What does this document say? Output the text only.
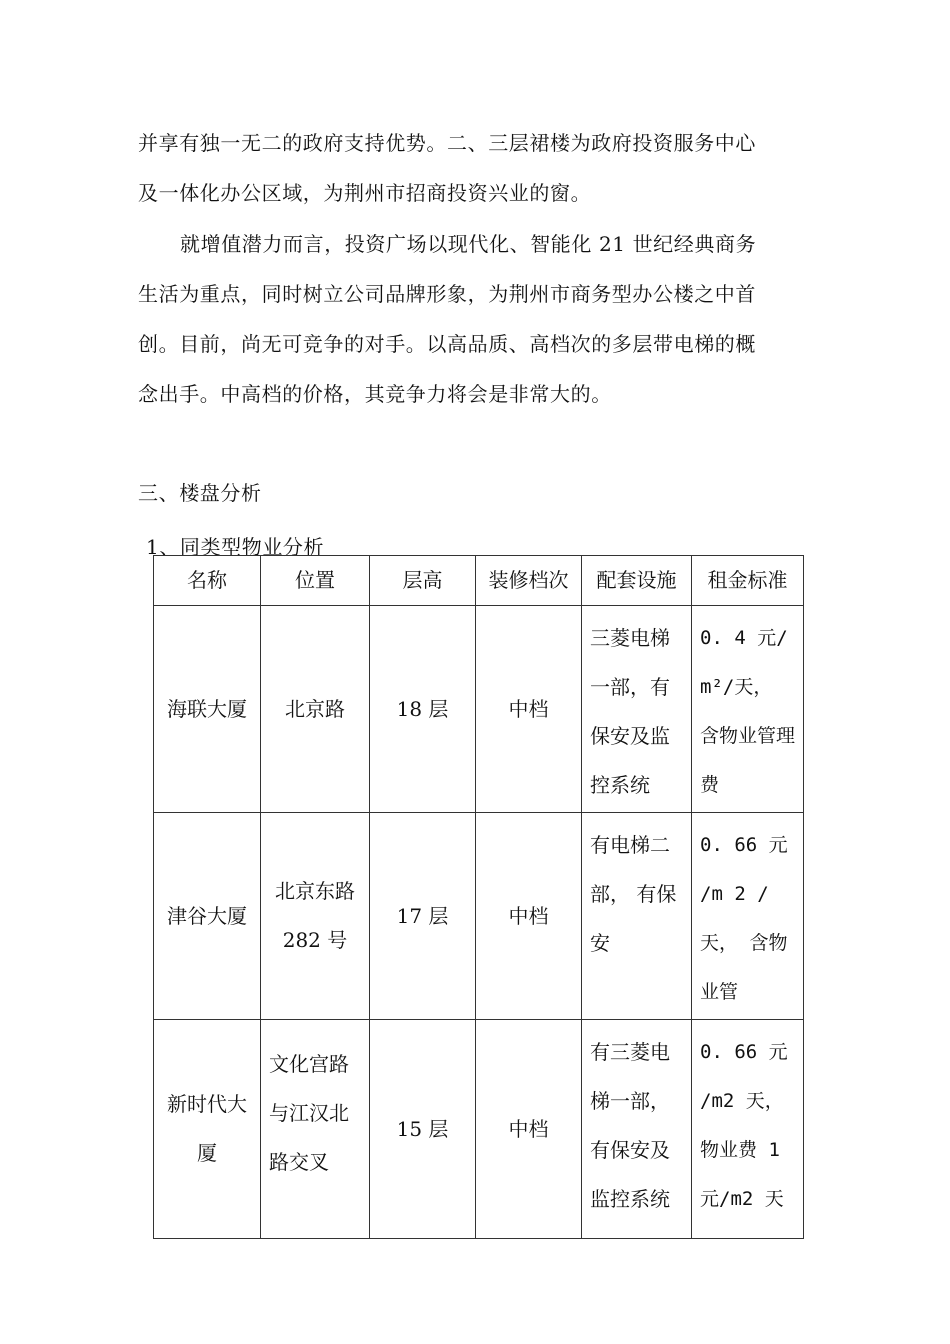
并享有独一无二的政府支持优势。二、三层裙楼为政府投资服务中心
及一体化办公区域，为荆州市招商投资兴业的窗。
就增值潜力而言，投资广场以现代化、智能化 21 世纪经典商务
生活为重点，同时树立公司品牌形象，为荆州市商务型办公楼之中首
创。目前，尚无可竞争的对手。以高品质、高档次的多层带电梯的概
念出手。中高档的价格，其竞争力将会是非常大的。
三、楼盘分析
1、同类型物业分析
名称	位置	层高	装修档次	配套设施	租金标准
海联大厦	北京路	18 层	中档	三菱电梯一部，有保安及监控系统	0. 4 元/m²/天， 含物业管理费
津谷大厦	北京东路 282 号	17 层	中档	有电梯二部， 有保安	0. 66 元 /m 2 /天， 含物业管
新时代大厦	文化宫路与江汉北路交叉	15 层	中档	有三菱电梯一部， 有保安及监控系统	0. 66 元 /m2 天， 物业费 1 元/m2 天
